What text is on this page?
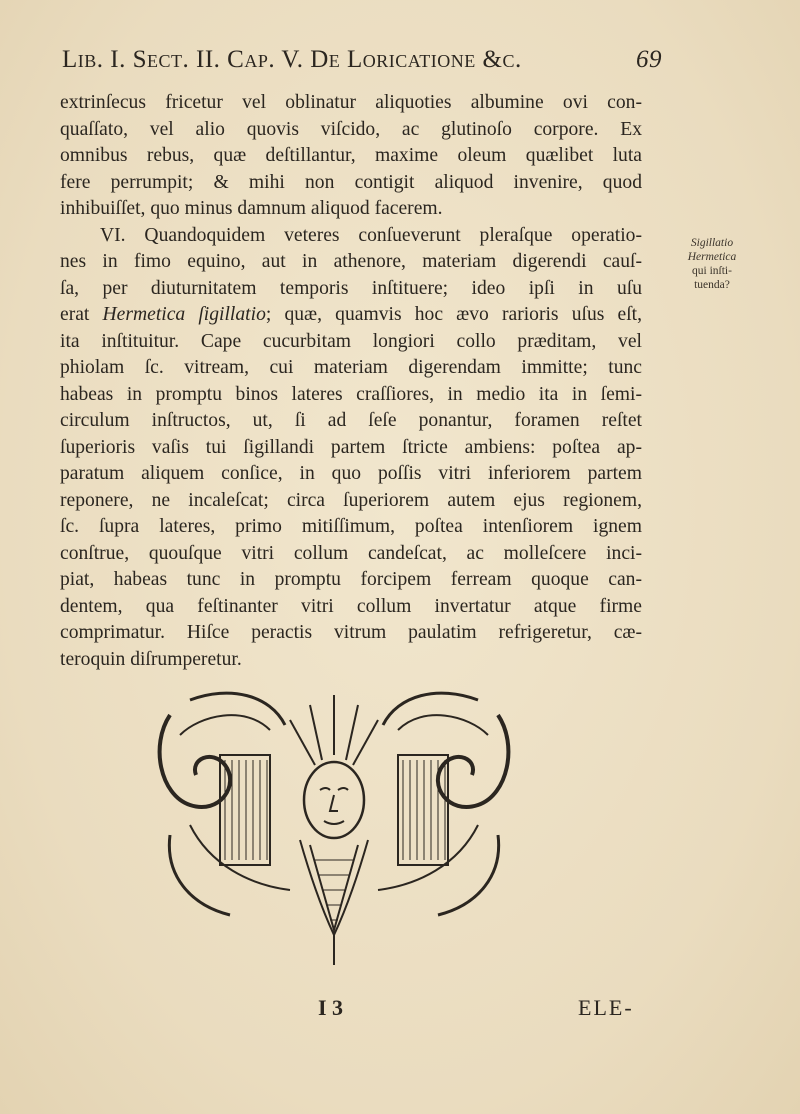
Lib. I. Sect. II. Cap. V. De Loricatione &c.	69
extrinſecus fricetur vel oblinatur aliquoties albumine ovi con-
quaſſato, vel alio quovis viſcido, ac glutinoſo corpore. Ex
omnibus rebus, quæ deſtillantur, maxime oleum quælibet luta
fere perrumpit; & mihi non contigit aliquod invenire, quod
inhibuiſſet, quo minus damnum aliquod facerem.
VI. Quandoquidem veteres conſueverunt pleraſque operatio-
nes in fimo equino, aut in athenore, materiam digerendi cauſ-
ſa, per diuturnitatem temporis inſtituere; ideo ipſi in uſu
erat Hermetica ſigillatio; quæ, quamvis hoc ævo rarioris uſus eſt,
ita inſtituitur. Cape cucurbitam longiori collo præditam, vel
phiolam ſc. vitream, cui materiam digerendam immitte; tunc
habeas in promptu binos lateres craſſiores, in medio ita in ſemi-
circulum inſtructos, ut, ſi ad ſeſe ponantur, foramen reſtet
ſuperioris vaſis tui ſigillandi partem ſtricte ambiens: poſtea ap-
paratum aliquem conſice, in quo poſſis vitri inferiorem partem
reponere, ne incaleſcat; circa ſuperiorem autem ejus regionem,
ſc. ſupra lateres, primo mitiſſimum, poſtea intenſiorem ignem
conſtrue, quouſque vitri collum candeſcat, ac molleſcere inci-
piat, habeas tunc in promptu forcipem ferream quoque can-
dentem, qua feſtinanter vitri collum invertatur atque firme
comprimatur. Hiſce peractis vitrum paulatim refrigeretur, cæ-
teroquin diſrumperetur.
Sigillatio
Hermetica
qui inſti-
tuenda?
I 3	ELE-
